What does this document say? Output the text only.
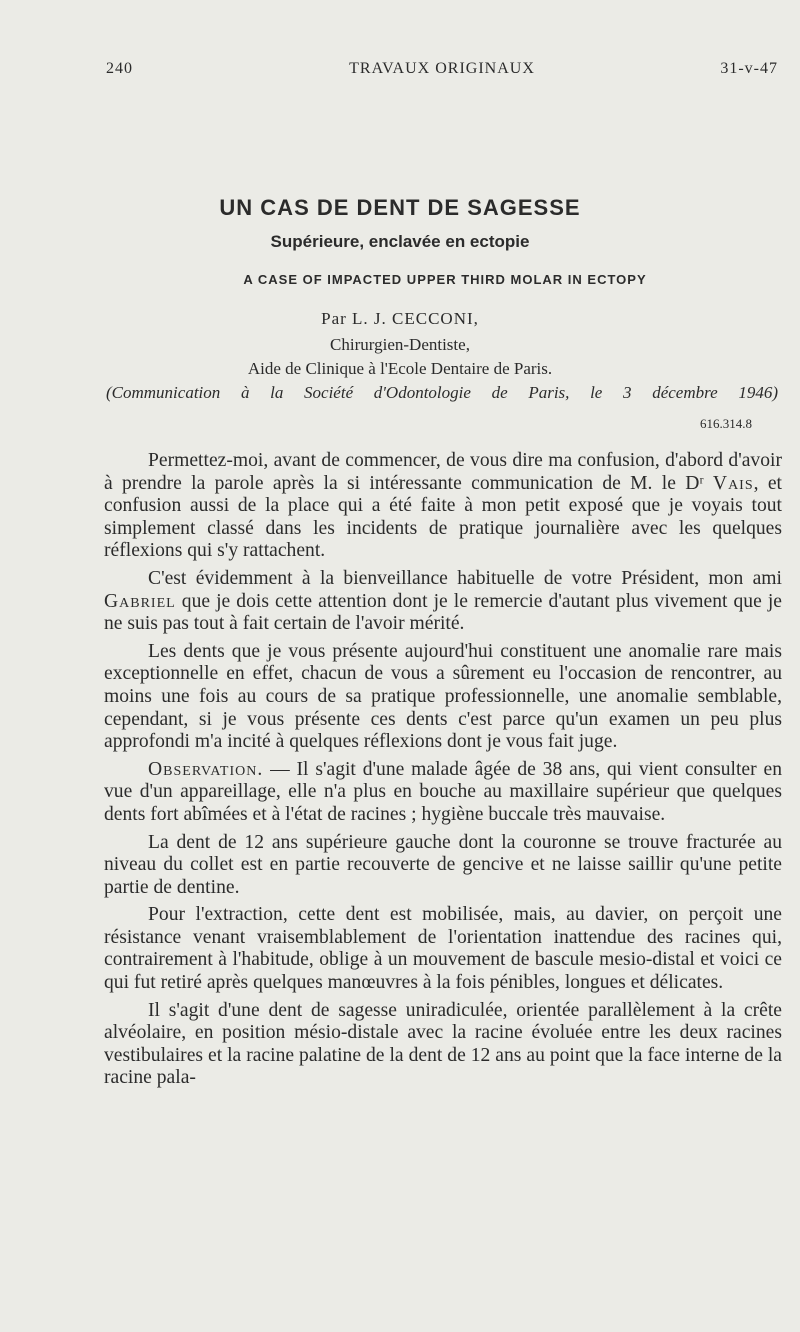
240	TRAVAUX ORIGINAUX	31-v-47
UN CAS DE DENT DE SAGESSE
Supérieure, enclavée en ectopie
A CASE OF IMPACTED UPPER THIRD MOLAR IN ECTOPY
Par L. J. CECCONI,
Chirurgien-Dentiste,
Aide de Clinique à l'Ecole Dentaire de Paris.
(Communication à la Société d'Odontologie de Paris, le 3 décembre 1946)
616.314.8

Permettez-moi, avant de commencer, de vous dire ma confusion, d'abord d'avoir à prendre la parole après la si intéressante communication de M. le Dʳ Vais, et confusion aussi de la place qui a été faite à mon petit exposé que je voyais tout simplement classé dans les incidents de pratique journalière avec les quelques réflexions qui s'y rattachent.

C'est évidemment à la bienveillance habituelle de votre Président, mon ami Gabriel que je dois cette attention dont je le remercie d'autant plus vivement que je ne suis pas tout à fait certain de l'avoir mérité.

Les dents que je vous présente aujourd'hui constituent une anomalie rare mais exceptionnelle en effet, chacun de vous a sûrement eu l'occasion de rencontrer, au moins une fois au cours de sa pratique professionnelle, une anomalie semblable, cependant, si je vous présente ces dents c'est parce qu'un examen un peu plus approfondi m'a incité à quelques réflexions dont je vous fait juge.

Observation. — Il s'agit d'une malade âgée de 38 ans, qui vient consulter en vue d'un appareillage, elle n'a plus en bouche au maxillaire supérieur que quelques dents fort abîmées et à l'état de racines ; hygiène buccale très mauvaise.

La dent de 12 ans supérieure gauche dont la couronne se trouve fracturée au niveau du collet est en partie recouverte de gencive et ne laisse saillir qu'une petite partie de dentine.

Pour l'extraction, cette dent est mobilisée, mais, au davier, on perçoit une résistance venant vraisemblablement de l'orientation inattendue des racines qui, contrairement à l'habitude, oblige à un mouvement de bascule mesio-distal et voici ce qui fut retiré après quelques manœuvres à la fois pénibles, longues et délicates.

Il s'agit d'une dent de sagesse uniradiculée, orientée parallèlement à la crête alvéolaire, en position mésio-distale avec la racine évoluée entre les deux racines vestibulaires et la racine palatine de la dent de 12 ans au point que la face interne de la racine pala-
